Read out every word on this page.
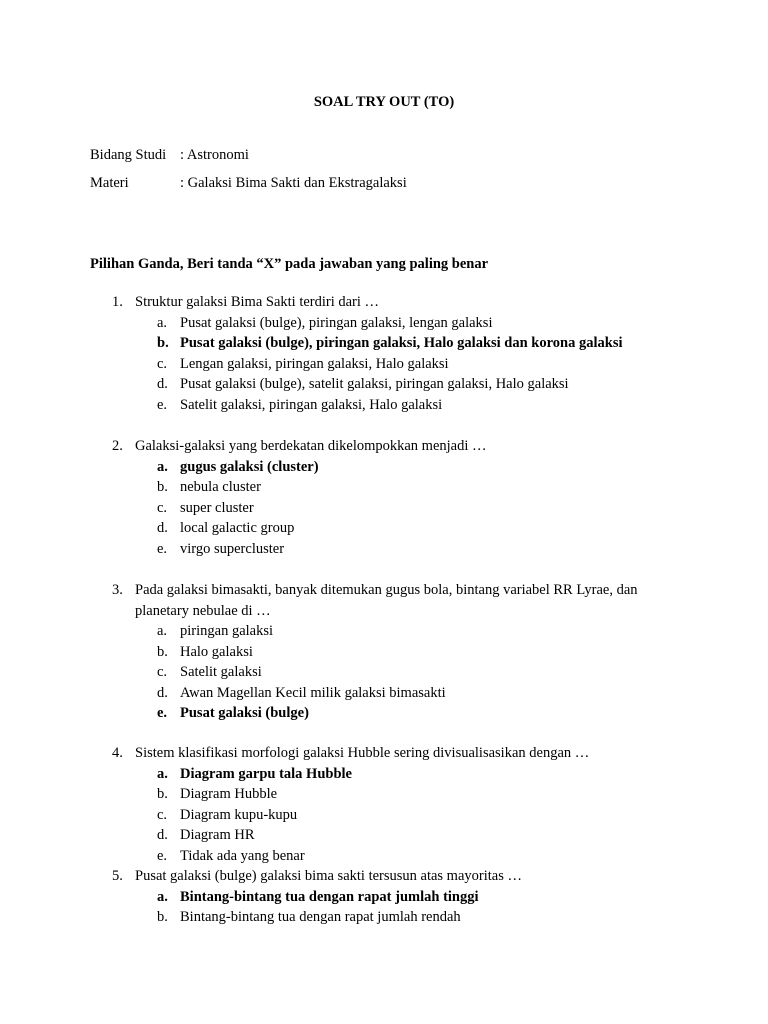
SOAL TRY OUT (TO)
Bidang Studi : Astronomi
Materi	: Galaksi Bima Sakti dan Ekstragalaksi
Pilihan Ganda, Beri tanda “X” pada jawaban yang paling benar
1. Struktur galaksi Bima Sakti terdiri dari …
a. Pusat galaksi (bulge), piringan galaksi, lengan galaksi
b. Pusat galaksi (bulge), piringan galaksi, Halo galaksi dan korona galaksi
c. Lengan galaksi, piringan galaksi, Halo galaksi
d. Pusat galaksi (bulge), satelit galaksi, piringan galaksi, Halo galaksi
e. Satelit galaksi, piringan galaksi, Halo galaksi
2. Galaksi-galaksi yang berdekatan dikelompokkan menjadi …
a. gugus galaksi (cluster)
b. nebula cluster
c. super cluster
d. local galactic group
e. virgo supercluster
3. Pada galaksi bimasakti, banyak ditemukan gugus bola, bintang variabel RR Lyrae, dan planetary nebulae di …
a. piringan galaksi
b. Halo galaksi
c. Satelit galaksi
d. Awan Magellan Kecil milik galaksi bimasakti
e. Pusat galaksi (bulge)
4. Sistem klasifikasi morfologi galaksi Hubble sering divisualisasikan dengan …
a. Diagram garpu tala Hubble
b. Diagram Hubble
c. Diagram kupu-kupu
d. Diagram HR
e. Tidak ada yang benar
5. Pusat galaksi (bulge) galaksi bima sakti tersusun atas mayoritas …
a. Bintang-bintang tua dengan rapat jumlah tinggi
b. Bintang-bintang tua dengan rapat jumlah rendah
